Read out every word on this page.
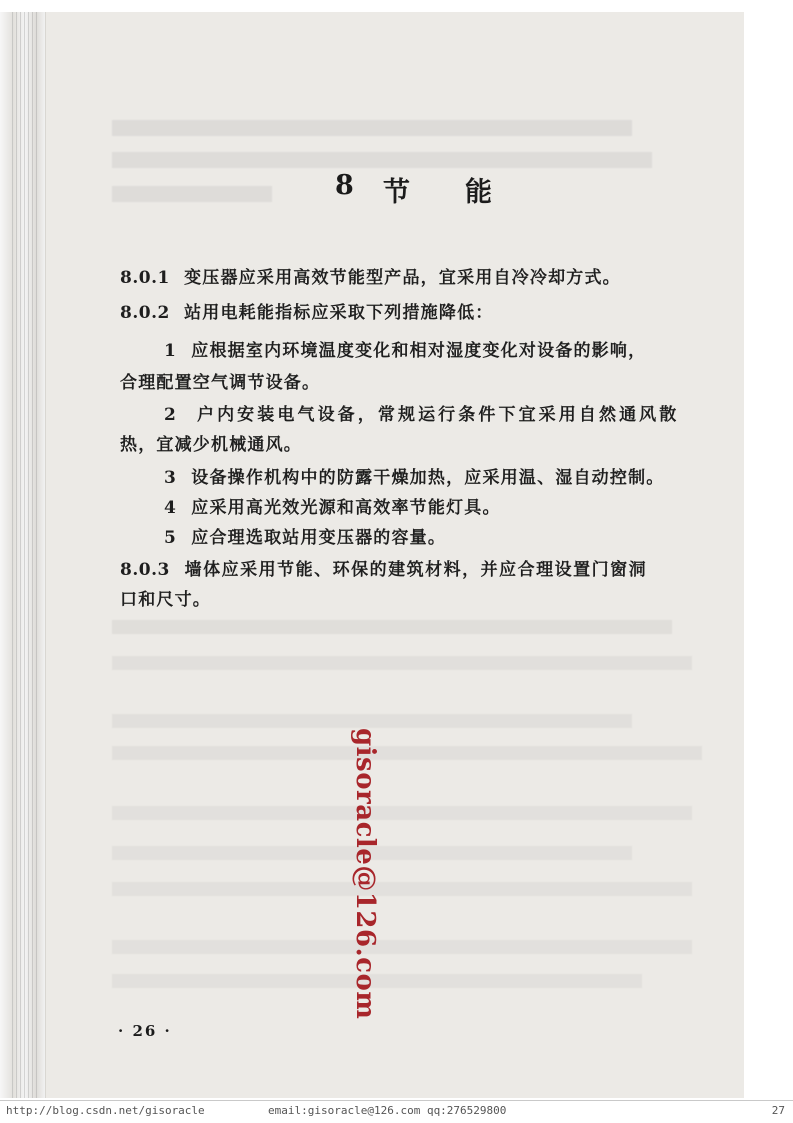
8 节 能
8.0.1 变压器应采用高效节能型产品，宜采用自冷冷却方式。
8.0.2 站用电耗能指标应采取下列措施降低：
1 应根据室内环境温度变化和相对湿度变化对设备的影响，
合理配置空气调节设备。
2 户内安装电气设备，常规运行条件下宜采用自然通风散
热，宜减少机械通风。
3 设备操作机构中的防露干燥加热，应采用温、湿自动控制。
4 应采用高光效光源和高效率节能灯具。
5 应合理选取站用变压器的容量。
8.0.3 墙体应采用节能、环保的建筑材料，并应合理设置门窗洞
口和尺寸。
gisoracle@126.com
· 26 ·
http://blog.csdn.net/gisoracle	email:gisoracle@126.com qq:276529800	27
